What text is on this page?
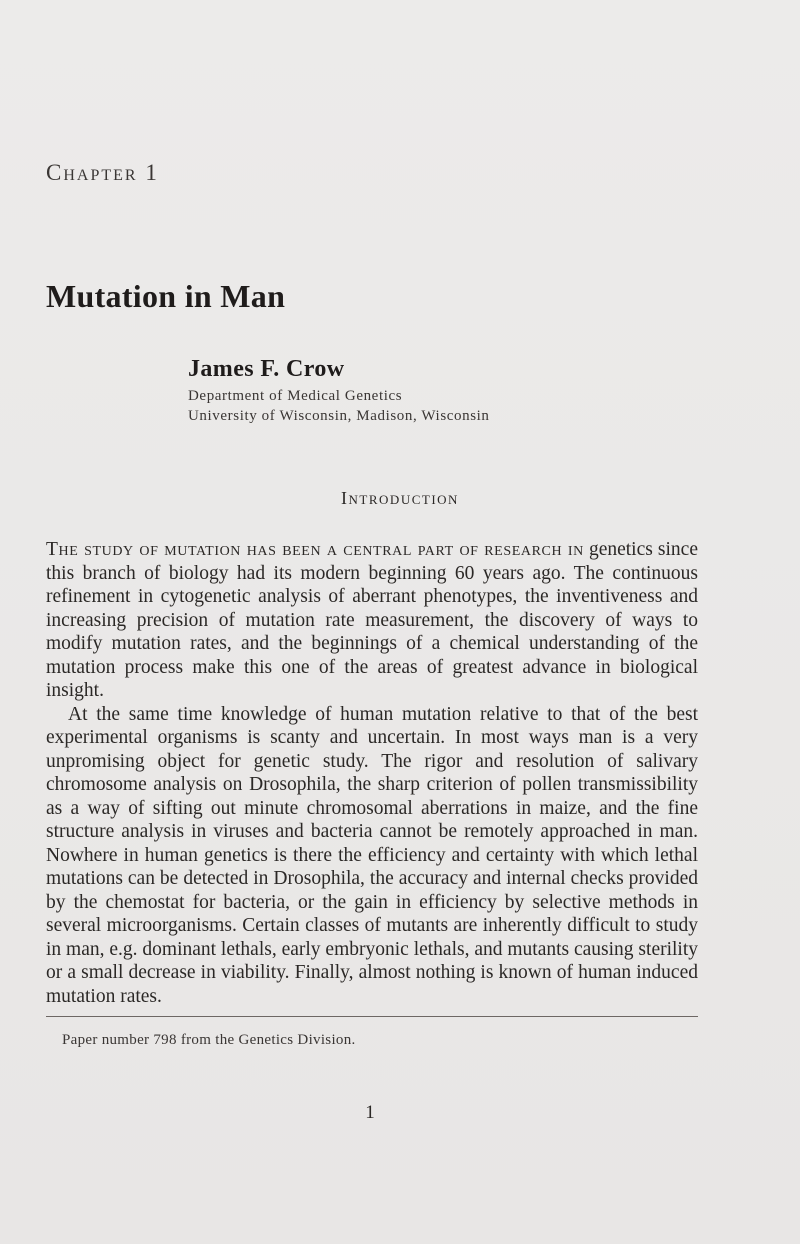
Chapter 1
Mutation in Man
James F. Crow
Department of Medical Genetics
University of Wisconsin, Madison, Wisconsin
Introduction

The study of mutation has been a central part of research in genetics since this branch of biology had its modern beginning 60 years ago. The continuous refinement in cytogenetic analysis of aberrant phenotypes, the inventiveness and increasing precision of mutation rate measurement, the discovery of ways to modify mutation rates, and the beginnings of a chemical understanding of the mutation process make this one of the areas of greatest advance in biological insight.

At the same time knowledge of human mutation relative to that of the best experimental organisms is scanty and uncertain. In most ways man is a very unpromising object for genetic study. The rigor and resolution of salivary chromosome analysis on Drosophila, the sharp criterion of pollen transmissibility as a way of sifting out minute chromosomal aberrations in maize, and the fine structure analysis in viruses and bacteria cannot be remotely approached in man. Nowhere in human genetics is there the efficiency and certainty with which lethal mutations can be detected in Drosophila, the accuracy and internal checks provided by the chemostat for bacteria, or the gain in efficiency by selective methods in several microorganisms. Certain classes of mutants are inherently difficult to study in man, e.g. dominant lethals, early embryonic lethals, and mutants causing sterility or a small decrease in viability. Finally, almost nothing is known of human induced mutation rates.

Paper number 798 from the Genetics Division.
1
